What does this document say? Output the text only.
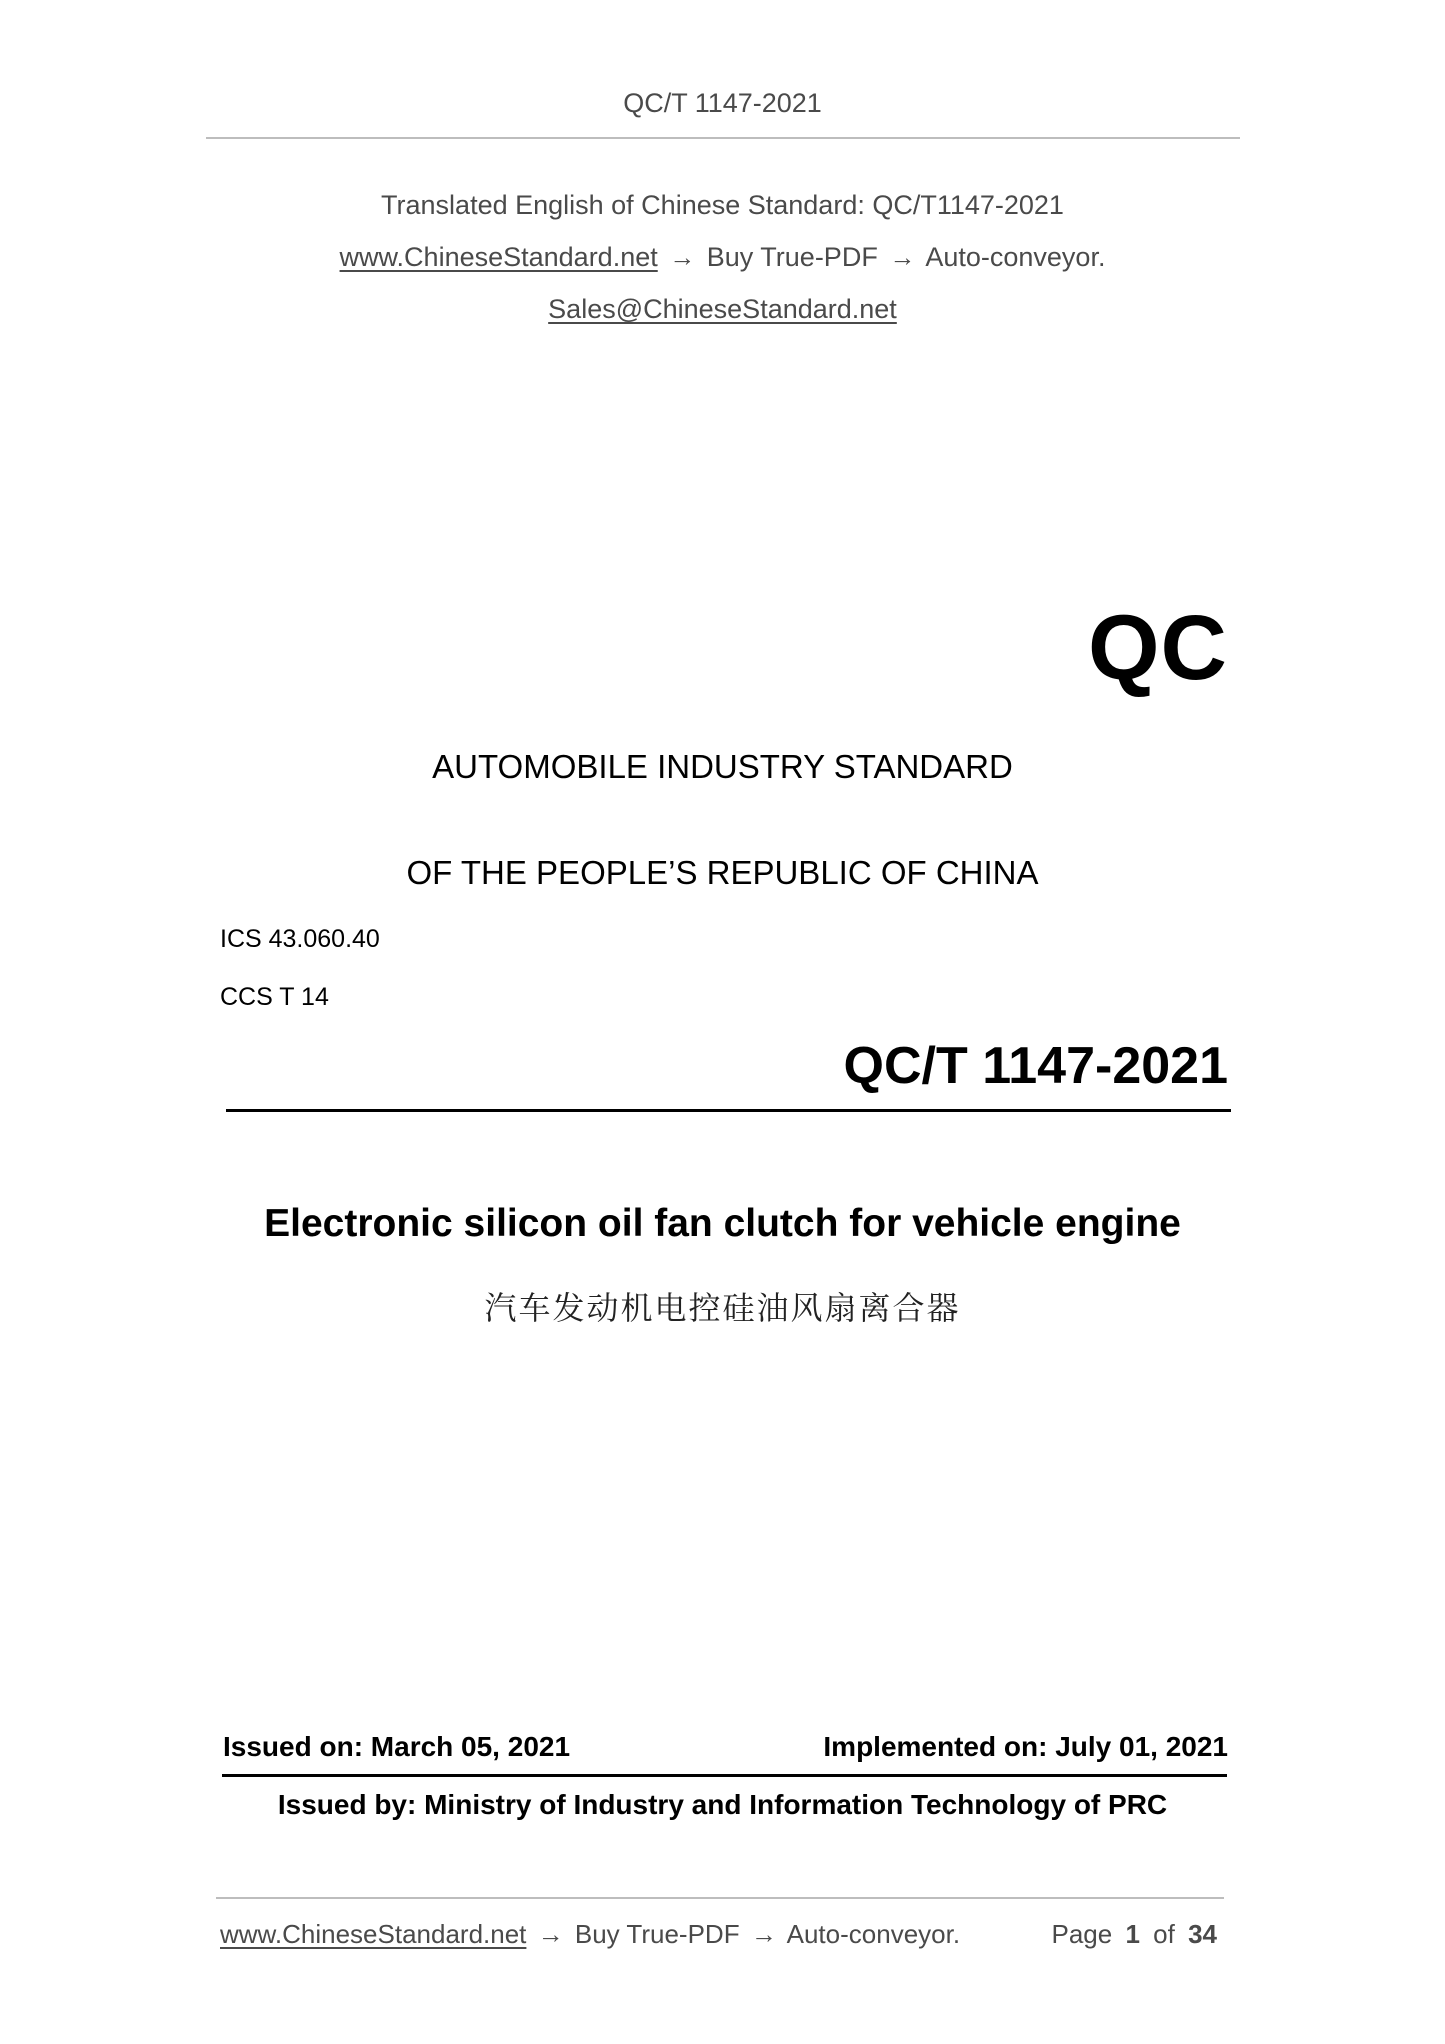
QC/T 1147-2021
Translated English of Chinese Standard: QC/T1147-2021
www.ChineseStandard.net → Buy True-PDF → Auto-conveyor.
Sales@ChineseStandard.net
QC
AUTOMOBILE INDUSTRY STANDARD
OF THE PEOPLE’S REPUBLIC OF CHINA
ICS 43.060.40
CCS T 14
QC/T 1147-2021
Electronic silicon oil fan clutch for vehicle engine
汽车发动机电控硅油风扇离合器
Issued on: March 05, 2021	Implemented on: July 01, 2021
Issued by: Ministry of Industry and Information Technology of PRC
www.ChineseStandard.net → Buy True-PDF → Auto-conveyor.	Page 1 of 34
